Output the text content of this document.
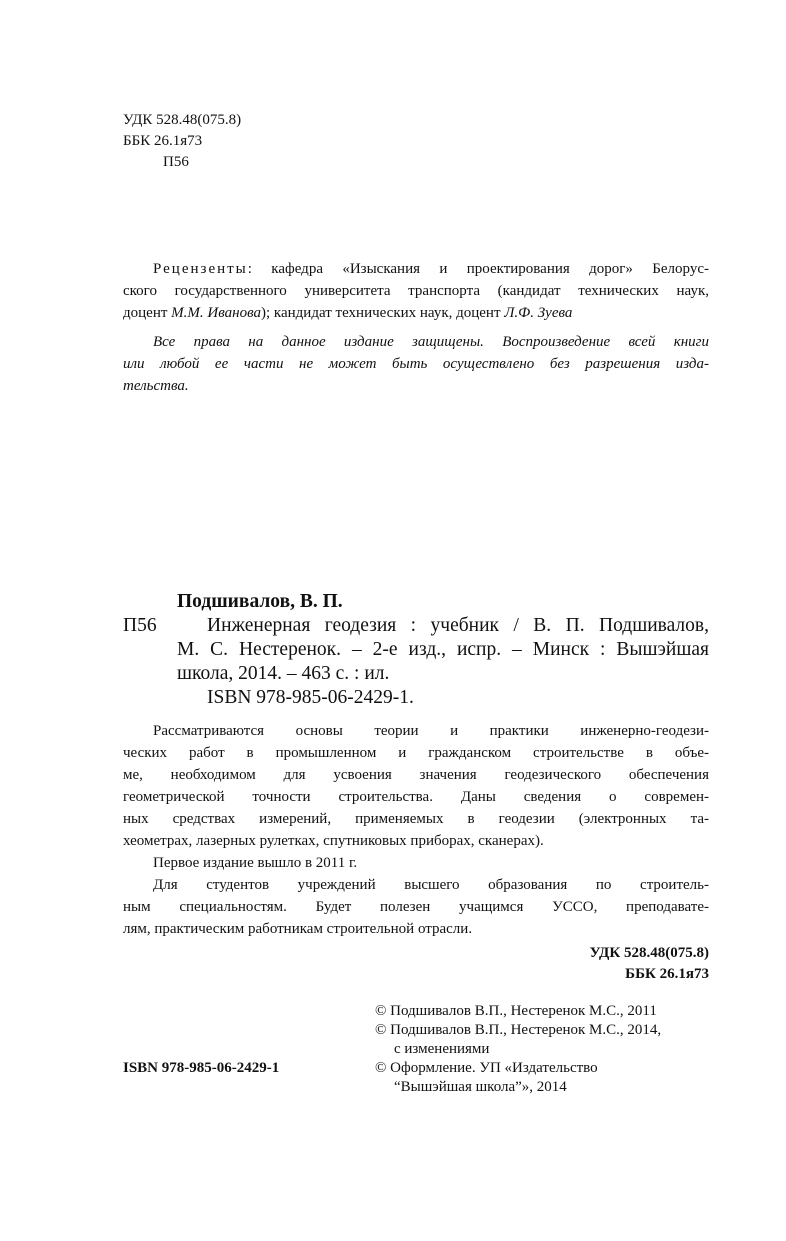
УДК 528.48(075.8)
ББК 26.1я73
П56
Рецензенты: кафедра «Изыскания и проектирования дорог» Белорус-
ского государственного университета транспорта (кандидат технических наук,
доцент М.М. Иванова); кандидат технических наук, доцент Л.Ф. Зуева
Все права на данное издание защищены. Воспроизведение всей книги
или любой ее части не может быть осуществлено без разрешения изда-
тельства.
Подшивалов, В. П.
П56	Инженерная геодезия : учебник / В. П. Подшивалов,
М. С. Нестеренок. – 2-е изд., испр. – Минск : Вышэйшая
школа, 2014. – 463 с. : ил.
ISBN 978-985-06-2429-1.
Рассматриваются основы теории и практики инженерно-геодези-
ческих работ в промышленном и гражданском строительстве в объе-
ме, необходимом для усвоения значения геодезического обеспечения
геометрической точности строительства. Даны сведения о современ-
ных средствах измерений, применяемых в геодезии (электронных та-
хеометрах, лазерных рулетках, спутниковых приборах, сканерах).
Первое издание вышло в 2011 г.
Для студентов учреждений высшего образования по строитель-
ным специальностям. Будет полезен учащимся УССО, преподавате-
лям, практическим работникам строительной отрасли.
УДК 528.48(075.8)
ББК 26.1я73
© Подшивалов В.П., Нестеренок М.С., 2011
© Подшивалов В.П., Нестеренок М.С., 2014,
с изменениями
© Оформление. УП «Издательство
“Вышэйшая школа”», 2014
ISBN 978-985-06-2429-1
